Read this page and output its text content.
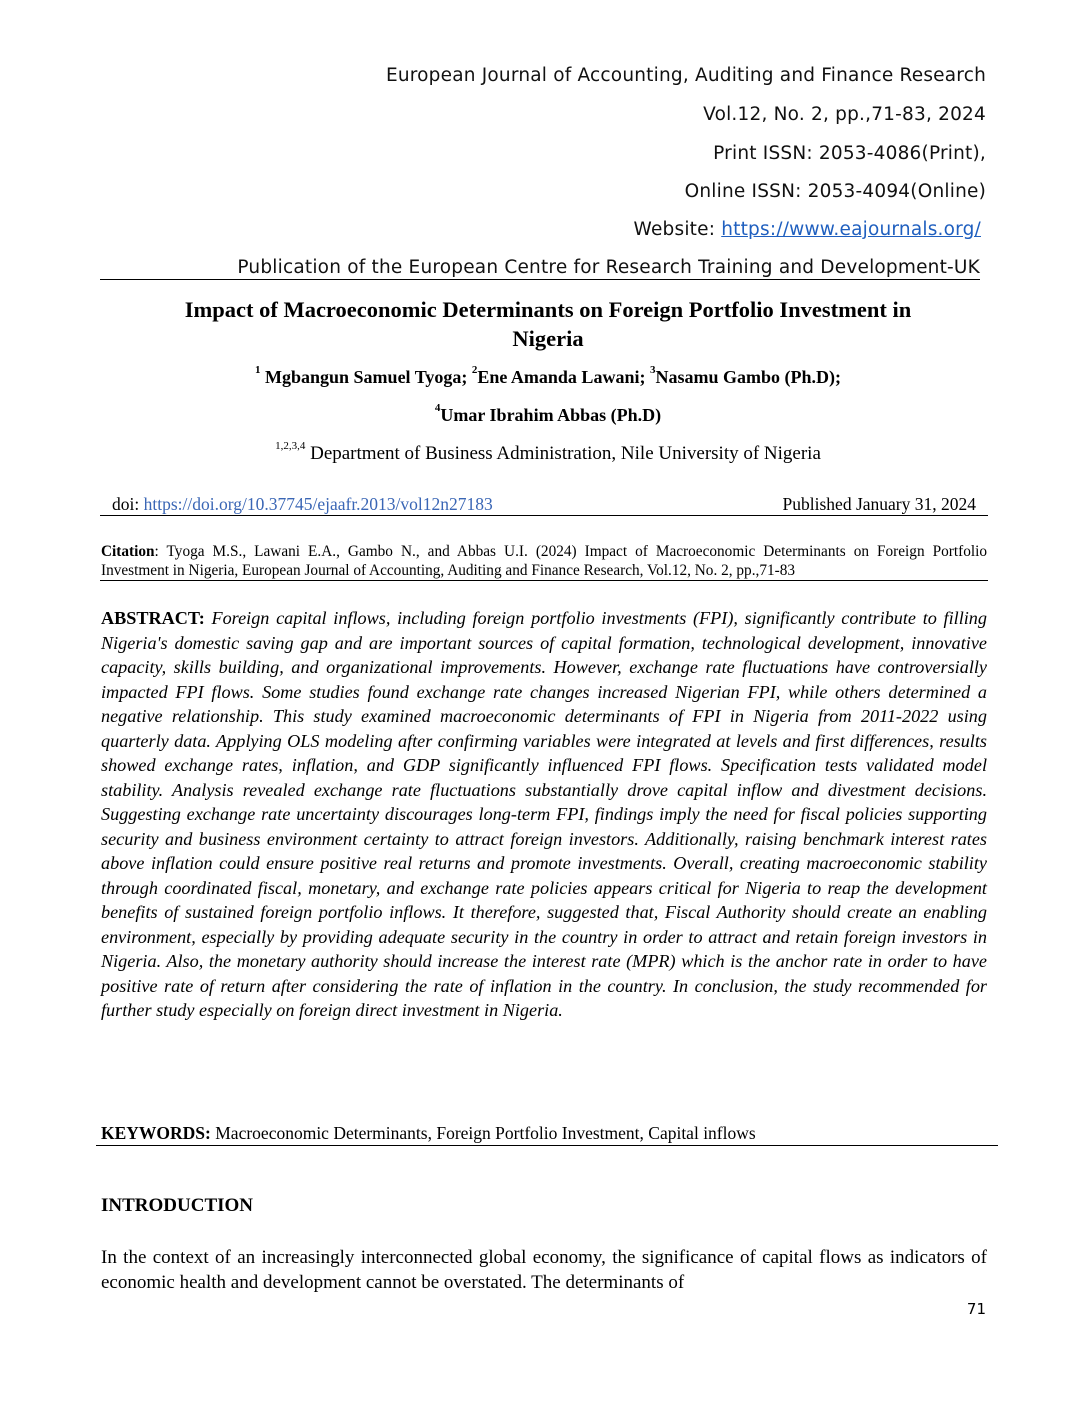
European Journal of Accounting, Auditing and Finance Research
Vol.12, No. 2, pp.,71-83, 2024
Print ISSN: 2053-4086(Print),
Online ISSN: 2053-4094(Online)
Website: https://www.eajournals.org/
Publication of the European Centre for Research Training and Development-UK
Impact of Macroeconomic Determinants on Foreign Portfolio Investment in
Nigeria
$^1$ Mgbangun Samuel Tyoga; $^2$Ene Amanda Lawani; $^3$Nasamu Gambo (Ph.D);
$^4$Umar Ibrahim Abbas (Ph.D)
$^{1,2,3,4}$ Department of Business Administration, Nile University of Nigeria
doi: https://doi.org/10.37745/ejaafr.2013/vol12n27183	Published January 31, 2024
Citation: Tyoga M.S., Lawani E.A., Gambo N., and Abbas U.I. (2024) Impact of Macroeconomic Determinants on Foreign Portfolio Investment in Nigeria, European Journal of Accounting, Auditing and Finance Research, Vol.12, No. 2, pp.,71-83
ABSTRACT: Foreign capital inflows, including foreign portfolio investments (FPI), significantly contribute to filling Nigeria's domestic saving gap and are important sources of capital formation, technological development, innovative capacity, skills building, and organizational improvements. However, exchange rate fluctuations have controversially impacted FPI flows. Some studies found exchange rate changes increased Nigerian FPI, while others determined a negative relationship. This study examined macroeconomic determinants of FPI in Nigeria from 2011-2022 using quarterly data. Applying OLS modeling after confirming variables were integrated at levels and first differences, results showed exchange rates, inflation, and GDP significantly influenced FPI flows. Specification tests validated model stability. Analysis revealed exchange rate fluctuations substantially drove capital inflow and divestment decisions. Suggesting exchange rate uncertainty discourages long-term FPI, findings imply the need for fiscal policies supporting security and business environment certainty to attract foreign investors. Additionally, raising benchmark interest rates above inflation could ensure positive real returns and promote investments. Overall, creating macroeconomic stability through coordinated fiscal, monetary, and exchange rate policies appears critical for Nigeria to reap the development benefits of sustained foreign portfolio inflows. It therefore, suggested that, Fiscal Authority should create an enabling environment, especially by providing adequate security in the country in order to attract and retain foreign investors in Nigeria. Also, the monetary authority should increase the interest rate (MPR) which is the anchor rate in order to have positive rate of return after considering the rate of inflation in the country. In conclusion, the study recommended for further study especially on foreign direct investment in Nigeria.
KEYWORDS: Macroeconomic Determinants, Foreign Portfolio Investment, Capital inflows
INTRODUCTION
In the context of an increasingly interconnected global economy, the significance of capital flows as indicators of economic health and development cannot be overstated. The determinants of
71
